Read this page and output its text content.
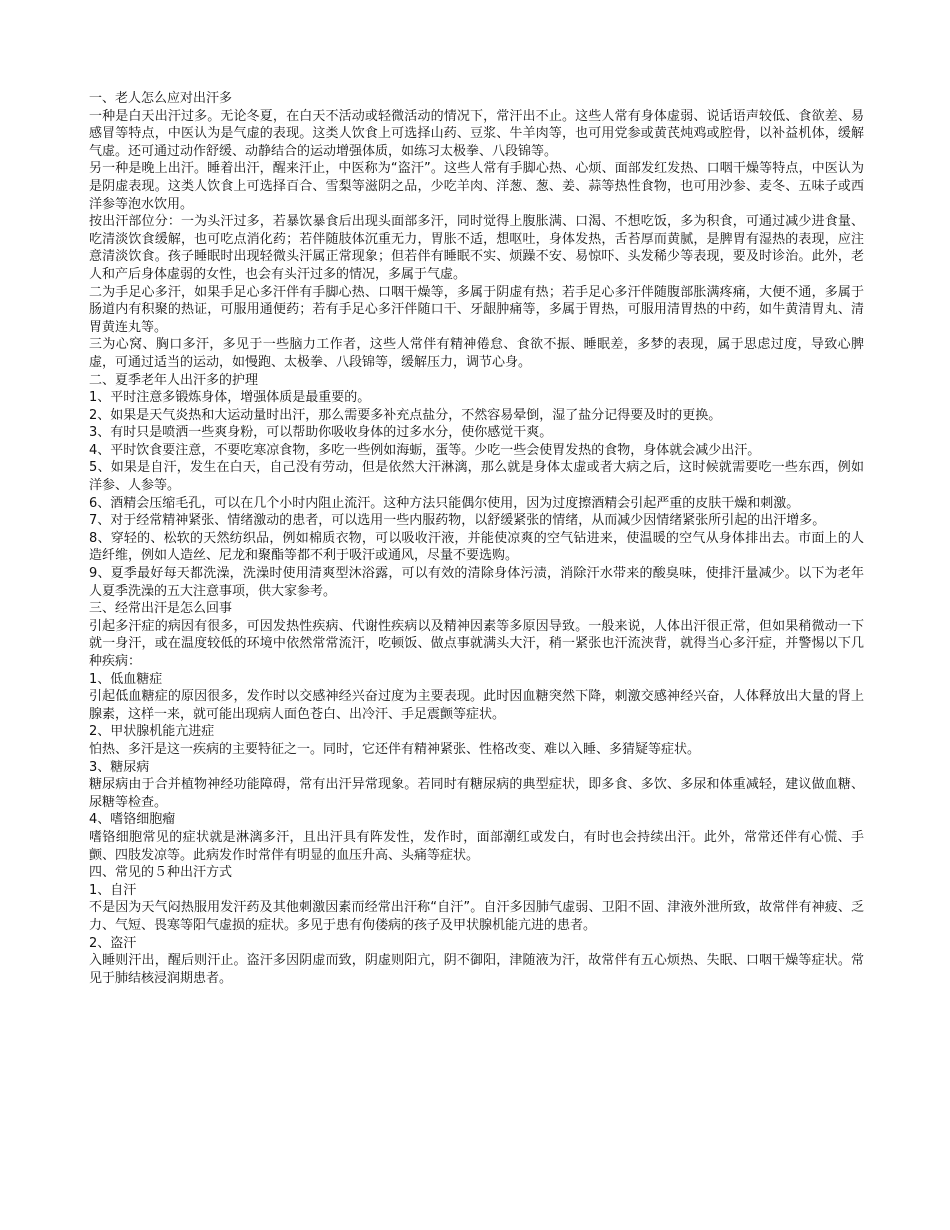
一、老人怎么应对出汗多

一种是白天出汗过多。无论冬夏，在白天不活动或轻微活动的情况下，常汗出不止。这些人常有身体虚弱、说话语声较低、食欲差、易感冒等特点，中医认为是气虚的表现。这类人饮食上可选择山药、豆浆、牛羊肉等，也可用党参或黄芪炖鸡或腔骨，以补益机体，缓解气虚。还可通过动作舒缓、动静结合的运动增强体质，如练习太极拳、八段锦等。

另一种是晚上出汗。睡着出汗，醒来汗止，中医称为“盗汗”。这些人常有手脚心热、心烦、面部发红发热、口咽干燥等特点，中医认为是阴虚表现。这类人饮食上可选择百合、雪梨等滋阴之品，少吃羊肉、洋葱、葱、姜、蒜等热性食物，也可用沙参、麦冬、五味子或西洋参等泡水饮用。

按出汗部位分：一为头汗过多，若暴饮暴食后出现头面部多汗，同时觉得上腹胀满、口渴、不想吃饭，多为积食，可通过减少进食量、吃清淡饮食缓解，也可吃点消化药；若伴随肢体沉重无力，胃胀不适，想呕吐，身体发热，舌苔厚而黄腻，是脾胃有湿热的表现，应注意清淡饮食。孩子睡眠时出现轻微头汗属正常现象；但若伴有睡眠不实、烦躁不安、易惊吓、头发稀少等表现，要及时诊治。此外，老人和产后身体虚弱的女性，也会有头汗过多的情况，多属于气虚。

二为手足心多汗，如果手足心多汗伴有手脚心热、口咽干燥等，多属于阴虚有热；若手足心多汗伴随腹部胀满疼痛，大便不通，多属于肠道内有积聚的热证，可服用通便药；若有手足心多汗伴随口干、牙龈肿痛等，多属于胃热，可服用清胃热的中药，如牛黄清胃丸、清胃黄连丸等。

三为心窝、胸口多汗，多见于一些脑力工作者，这些人常伴有精神倦怠、食欲不振、睡眠差，多梦的表现，属于思虑过度，导致心脾虚，可通过适当的运动，如慢跑、太极拳、八段锦等，缓解压力，调节心身。

二、夏季老年人出汗多的护理

1、平时注意多锻炼身体，增强体质是最重要的。

2、如果是天气炎热和大运动量时出汗，那么需要多补充点盐分，不然容易晕倒，湿了盐分记得要及时的更换。

3、有时只是喷洒一些爽身粉，可以帮助你吸收身体的过多水分，使你感觉干爽。

4、平时饮食要注意，不要吃寒凉食物，多吃一些例如海蛎，蛋等。少吃一些会使胃发热的食物，身体就会减少出汗。

5、如果是自汗，发生在白天，自己没有劳动，但是依然大汗淋漓，那么就是身体太虚或者大病之后，这时候就需要吃一些东西，例如洋参、人参等。

6、酒精会压缩毛孔，可以在几个小时内阻止流汗。这种方法只能偶尔使用，因为过度擦酒精会引起严重的皮肤干燥和刺激。

7、对于经常精神紧张、情绪激动的患者，可以选用一些内服药物，以舒缓紧张的情绪，从而减少因情绪紧张所引起的出汗增多。

8、穿轻的、松软的天然纺织品，例如棉质衣物，可以吸收汗液，并能使凉爽的空气钻进来，使温暖的空气从身体排出去。市面上的人造纤维，例如人造丝、尼龙和聚酯等都不利于吸汗或通风，尽量不要选购。

9、夏季最好每天都洗澡，洗澡时使用清爽型沐浴露，可以有效的清除身体污渍，消除汗水带来的酸臭味，使排汗量减少。以下为老年人夏季洗澡的五大注意事项，供大家参考。

三、经常出汗是怎么回事

引起多汗症的病因有很多，可因发热性疾病、代谢性疾病以及精神因素等多原因导致。一般来说，人体出汗很正常，但如果稍微动一下就一身汗，或在温度较低的环境中依然常常流汗，吃顿饭、做点事就满头大汗，稍一紧张也汗流浃背，就得当心多汗症，并警惕以下几种疾病：

1、低血糖症

引起低血糖症的原因很多，发作时以交感神经兴奋过度为主要表现。此时因血糖突然下降，刺激交感神经兴奋，人体释放出大量的肾上腺素，这样一来，就可能出现病人面色苍白、出冷汗、手足震颤等症状。

2、甲状腺机能亢进症

怕热、多汗是这一疾病的主要特征之一。同时，它还伴有精神紧张、性格改变、难以入睡、多猜疑等症状。

3、糖尿病

糖尿病由于合并植物神经功能障碍，常有出汗异常现象。若同时有糖尿病的典型症状，即多食、多饮、多尿和体重减轻，建议做血糖、尿糖等检查。

4、嗜铬细胞瘤

嗜铬细胞常见的症状就是淋漓多汗，且出汗具有阵发性，发作时，面部潮红或发白，有时也会持续出汗。此外，常常还伴有心慌、手颤、四肢发凉等。此病发作时常伴有明显的血压升高、头痛等症状。

四、常见的５种出汗方式

1、自汗

不是因为天气闷热服用发汗药及其他刺激因素而经常出汗称“自汗”。自汗多因肺气虚弱、卫阳不固、津液外泄所致，故常伴有神疲、乏力、气短、畏寒等阳气虚损的症状。多见于患有佝偻病的孩子及甲状腺机能亢进的患者。

2、盗汗

入睡则汗出，醒后则汗止。盗汗多因阴虚而致，阴虚则阳亢，阴不御阳，津随液为汗，故常伴有五心烦热、失眠、口咽干燥等症状。常见于肺结核浸润期患者。
